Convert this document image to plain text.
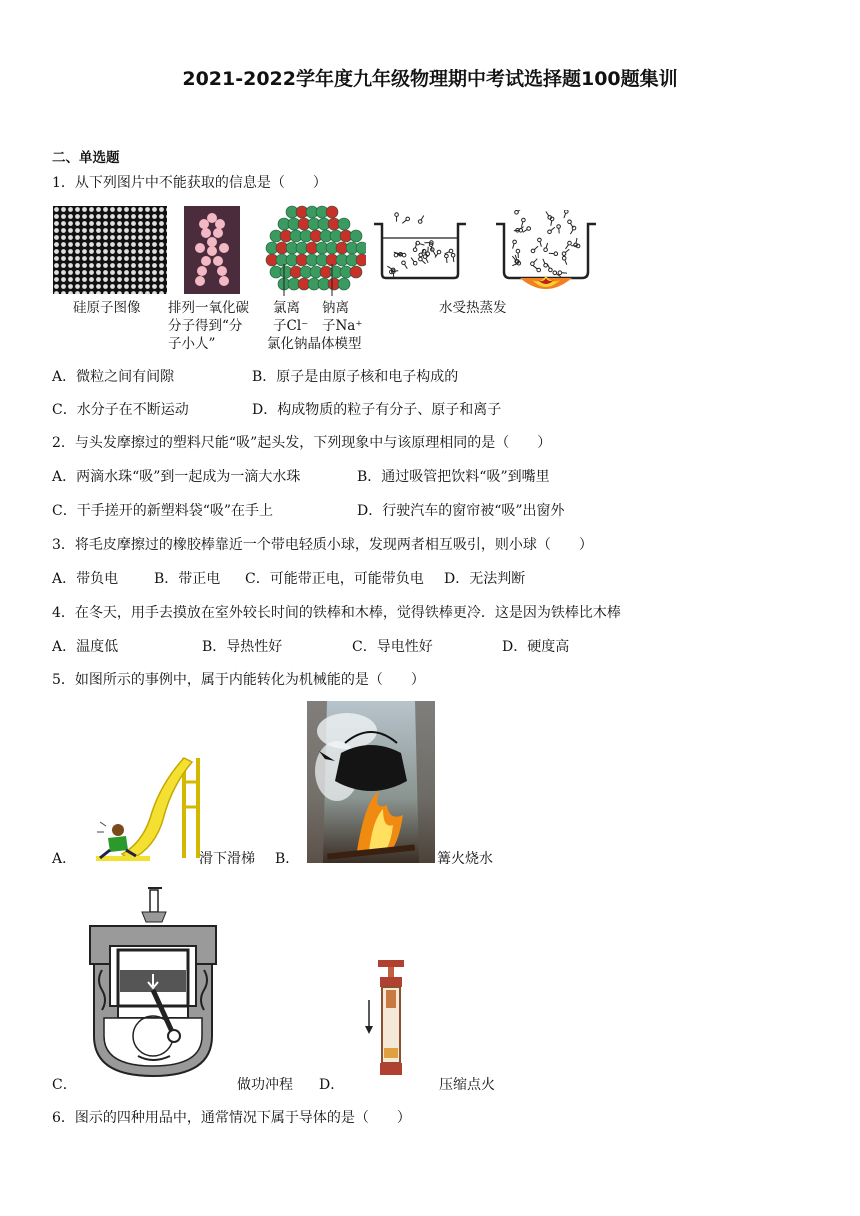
2021-2022学年度九年级物理期中考试选择题100题集训
二、单选题
1．从下列图片中不能获取的信息是（　　）
硅原子图像 排列一氧化碳
分子得到“分
子小人”
氯离
子Cl⁻
钠离
子Na⁺
氯化钠晶体模型
水受热蒸发
A．微粒之间有间隙	B．原子是由原子核和电子构成的
C．水分子在不断运动	D．构成物质的粒子有分子、原子和离子
2．与头发摩擦过的塑料尺能“吸”起头发，下列现象中与该原理相同的是（　　）
A．两滴水珠“吸”到一起成为一滴大水珠	B．通过吸管把饮料“吸”到嘴里
C．干手搓开的新塑料袋“吸”在手上	D．行驶汽车的窗帘被“吸”出窗外
3．将毛皮摩擦过的橡胶棒靠近一个带电轻质小球，发现两者相互吸引，则小球（　　）
A．带负电	B．带正电 C．可能带正电，可能带负电 D．无法判断
4．在冬天，用手去摸放在室外较长时间的铁棒和木棒，觉得铁棒更冷．这是因为铁棒比木棒
A．温度低	B．导热性好	C．导电性好	D．硬度高
5．如图所示的事例中，属于内能转化为机械能的是（　　）
A．	滑下滑梯 B．	篝火烧水
C．	做功冲程 D．	压缩点火
6．图示的四种用品中，通常情况下属于导体的是（　　）
